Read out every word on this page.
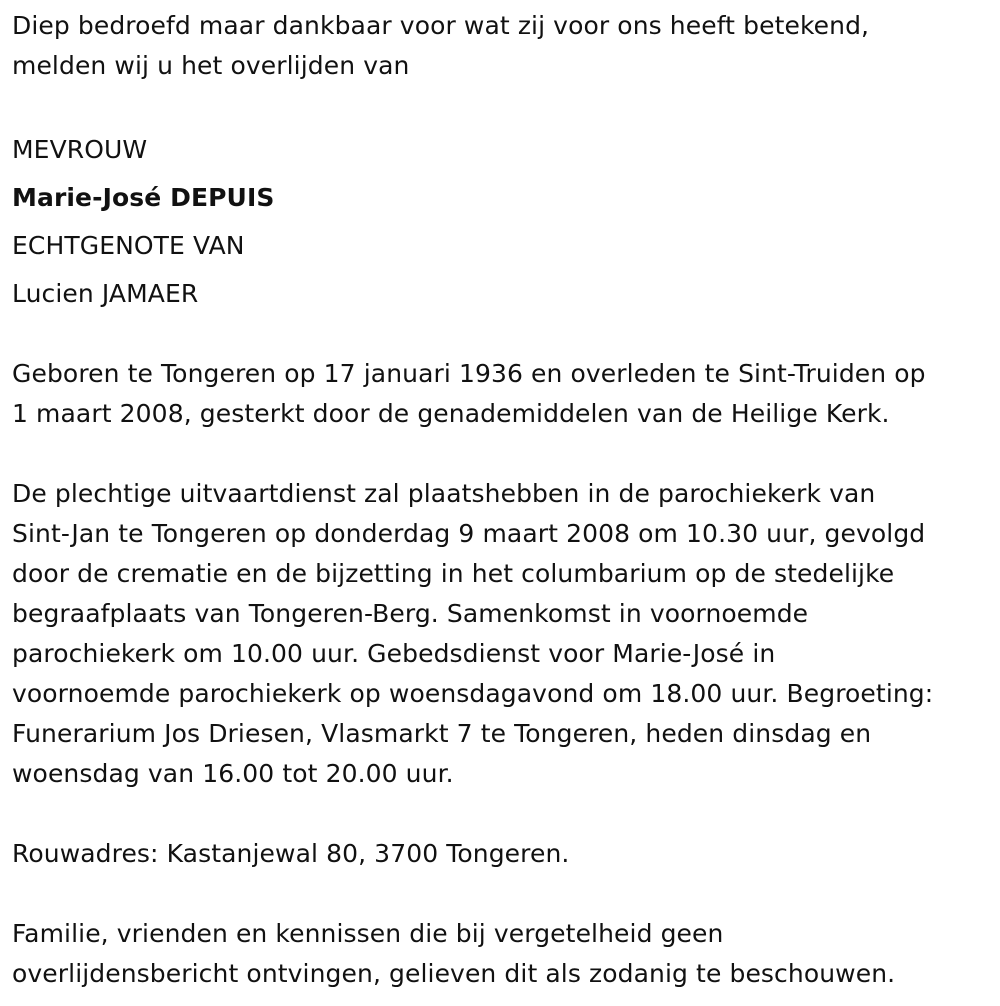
Diep bedroefd maar dankbaar voor wat zij voor ons heeft betekend,
melden wij u het overlijden van
MEVROUW
Marie-José DEPUIS
ECHTGENOTE VAN
Lucien JAMAER
Geboren te Tongeren op 17 januari 1936 en overleden te Sint-Truiden op
1 maart 2008, gesterkt door de genademiddelen van de Heilige Kerk.
De plechtige uitvaartdienst zal plaatshebben in de parochiekerk van
Sint-Jan te Tongeren op donderdag 9 maart 2008 om 10.30 uur, gevolgd
door de crematie en de bijzetting in het columbarium op de stedelijke
begraafplaats van Tongeren-Berg. Samenkomst in voornoemde
parochiekerk om 10.00 uur. Gebedsdienst voor Marie-José in
voornoemde parochiekerk op woensdagavond om 18.00 uur. Begroeting:
Funerarium Jos Driesen, Vlasmarkt 7 te Tongeren, heden dinsdag en
woensdag van 16.00 tot 20.00 uur.
Rouwadres: Kastanjewal 80, 3700 Tongeren.
Familie, vrienden en kennissen die bij vergetelheid geen
overlijdensbericht ontvingen, gelieven dit als zodanig te beschouwen.
